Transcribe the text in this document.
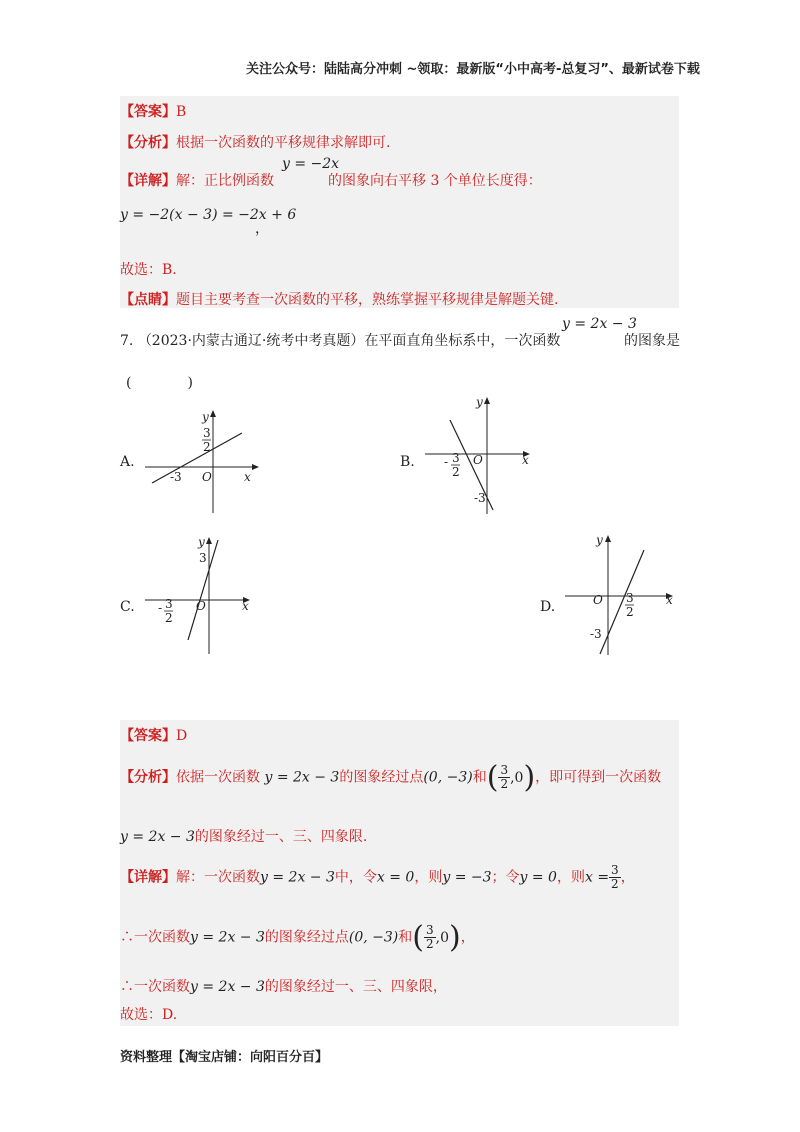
关注公众号：陆陆高分冲刺 ~领取：最新版“小中高考-总复习”、最新试卷下载
【答案】B
【分析】根据一次函数的平移规律求解即可.
【详解】解：正比例函数
y = −2x
的图象向右平移 3 个单位长度得：
y = −2(x − 3) = −2x + 6
，
故选：B.
【点睛】题目主要考查一次函数的平移，熟练掌握平移规律是解题关键.
7. （2023·内蒙古通辽·统考中考真题）在平面直角坐标系中，一次函数
y = 2x − 3
的图象是
(　　　　)
A.
y
x
O
-3
3
2
B.
y
x
O
- 3
2
-3
C.
y
x
O
- 3
2
3
D.
y
x
O 3
2
-3
【答案】D
【分析】依据一次函数 y = 2x − 3的图象经过点(0, −3)和( $\frac{3}{2} ,0$)，即可得到一次函数
y = 2x − 3的图象经过一、三、四象限.
【详解】解：一次函数y = 2x − 3中，令x = 0，则y = −3；令y = 0，则$x = \frac{3}{2}$ ，
∴一次函数y = 2x − 3的图象经过点(0, −3)和( $\frac{3}{2} ,0$)，
∴一次函数y = 2x − 3的图象经过一、三、四象限，
故选：D.
资料整理【淘宝店铺：向阳百分百】
